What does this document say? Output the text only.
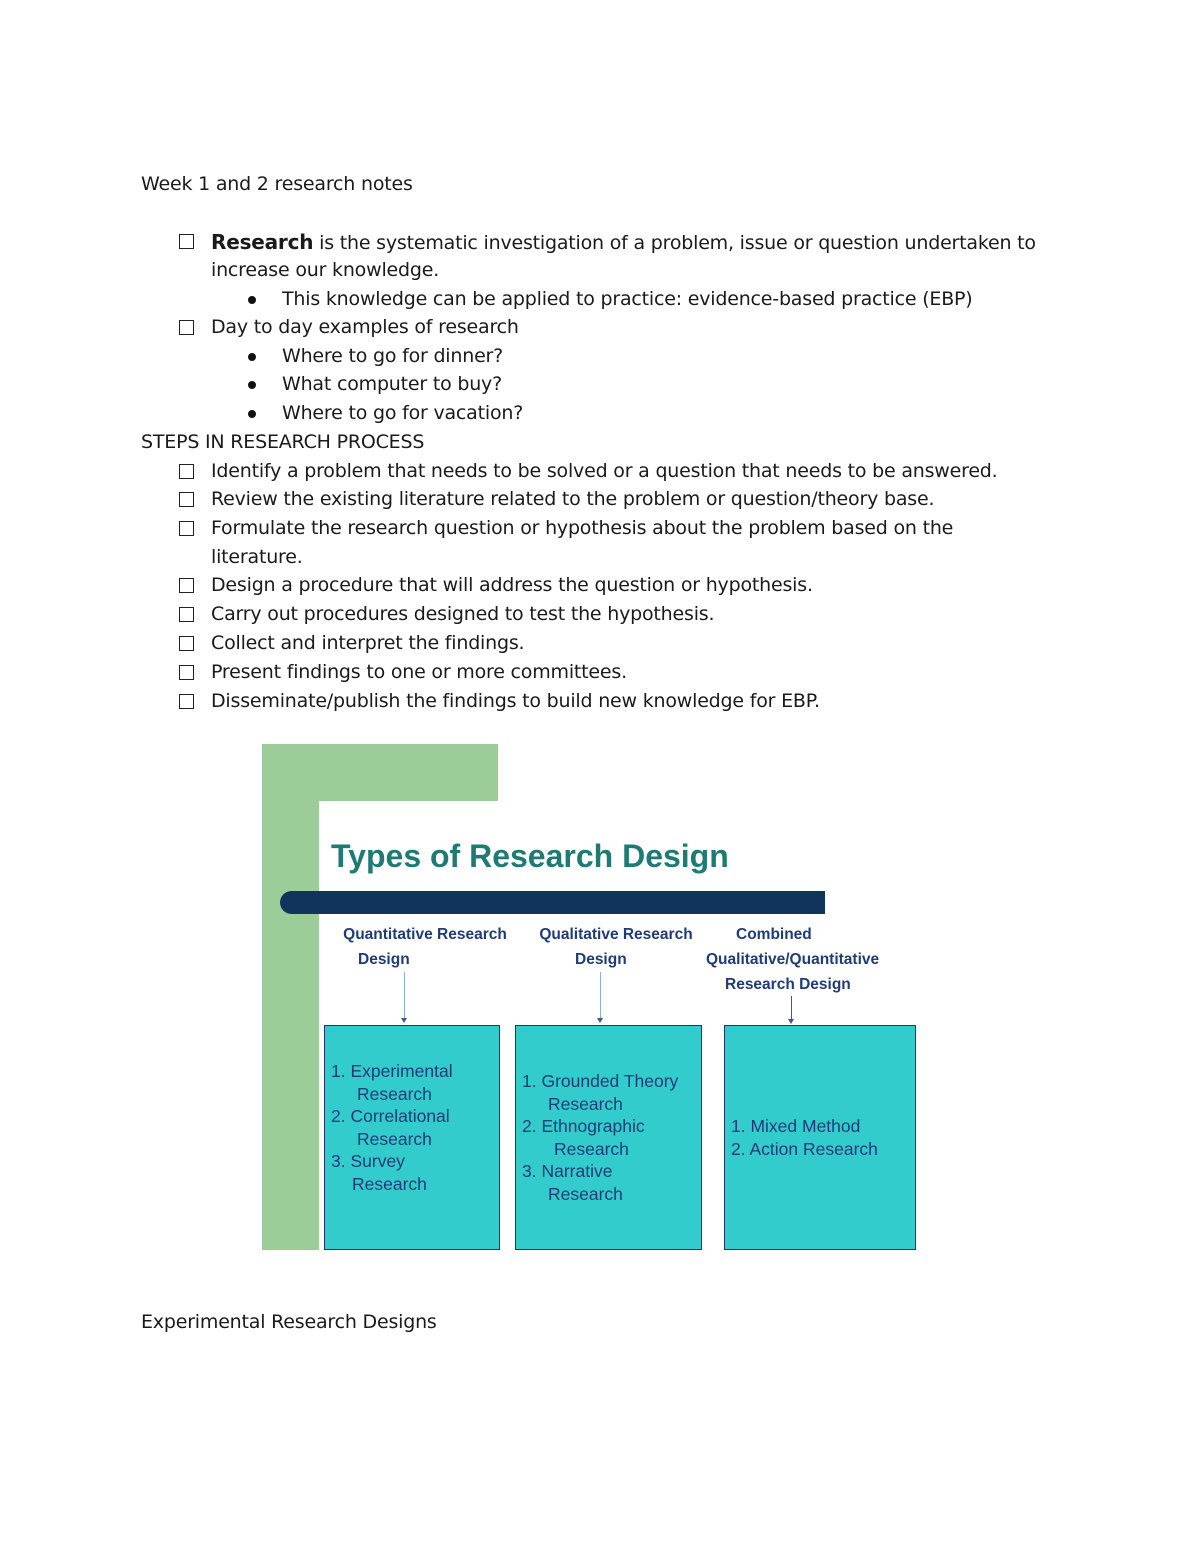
Week 1 and 2 research notes
Research is the systematic investigation of a problem, issue or question undertaken to
increase our knowledge.
This knowledge can be applied to practice: evidence-based practice (EBP)
Day to day examples of research
Where to go for dinner?
What computer to buy?
Where to go for vacation?
STEPS IN RESEARCH PROCESS
Identify a problem that needs to be solved or a question that needs to be answered.
Review the existing literature related to the problem or question/theory base.
Formulate the research question or hypothesis about the problem based on the
literature.
Design a procedure that will address the question or hypothesis.
Carry out procedures designed to test the hypothesis.
Collect and interpret the findings.
Present findings to one or more committees.
Disseminate/publish the findings to build new knowledge for EBP.
Types of Research Design
Quantitative Research
Design
Qualitative Research
Design
Combined
Qualitative/Quantitative
Research Design
1. Experimental
Research
2. Correlational
Research
3. Survey
Research
1. Grounded Theory
Research
2. Ethnographic
Research
3. Narrative
Research
1. Mixed Method
2. Action Research
Experimental Research Designs
